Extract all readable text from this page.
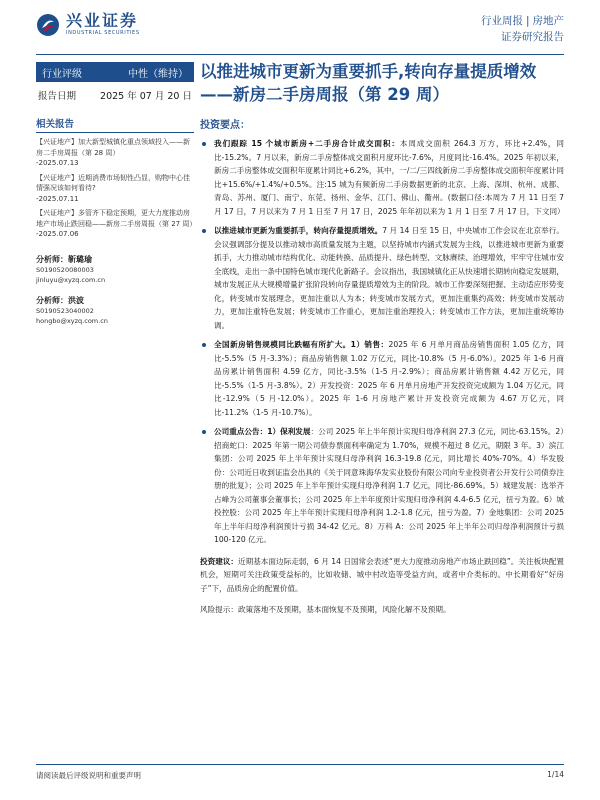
兴业证券
INDUSTRIAL SECURITIES
行业周报 | 房地产
证券研究报告
行业评级	中性（维持）
报告日期	2025 年 07 月 20 日
相关报告
【兴证地产】加大新型城镇化重点领域投入——新房二手房周报（第 28 周）
-2025.07.13
【兴证地产】近期消费市场韧性凸显，购物中心佳情强况该如何看待?
-2025.07.11
【兴证地产】多管齐下稳定预期，更大力度推动房地产市场止跌回稳——新房二手房周报（第 27 周）
-2025.07.06
分析师：靳璐瑜
S0190520080003
jinluyu@xyzq.com.cn
分析师：洪波
S0190523040002
hongbo@xyzq.com.cn
以推进城市更新为重要抓手,转向存量提质增效——新房二手房周报（第 29 周）
投资要点：
我们跟踪 15 个城市新房+二手房合计成交面积：本周成交面积 264.3 万方，环比+2.4%，同比-15.2%。7 月以来，新房二手房整体成交面积月度环比-7.6%，月度同比-16.4%。2025 年初以来，新房二手房整体成交面积年度累计同比+6.2%，其中，一/二/三四线新房二手房整体成交面积年度累计同比+15.6%/+1.4%/+0.5%。注:15 城为有频新房二手房数据更新的北京、上海、深圳、杭州、成都、青岛、苏州、厦门、南宁、东莞、扬州、金华、江门、佛山、衢州。(数据口径:本周为 7 月 11 日至 7 月 17 日，7 月以来为 7 月 1 日至 7 月 17 日，2025 年年初以来为 1 月 1 日至 7 月 17 日，下文同）
以推进城市更新为重要抓手，转向存量提质增效。7 月 14 日至 15 日，中央城市工作会议在北京举行。会议强调部分提及以推动城市高质量发展为主题，以坚持城市内涵式发展为主线，以推进城市更新为重要抓手，大力推动城市结构优化、动能转换、品质提升、绿色转型、文脉赓续、治理增效，牢牢守住城市安全底线，走出一条中国特色城市现代化新路子。会议指出，我国城镇化正从快速增长期转向稳定发展期，城市发展正从大规模增量扩张阶段转向存量提质增效为主的阶段。城市工作要深刻把握、主动适应形势变化，转变城市发展理念，更加注重以人为本；转变城市发展方式，更加注重集约高效；转变城市发展动力，更加注重特色发展；转变城市工作重心，更加注重治理投入；转变城市工作方法，更加注重统筹协调。
全国新房销售规模同比跌幅有所扩大。1）销售：2025 年 6 月单月商品房销售面积 1.05 亿方，同比-5.5%（5 月-3.3%）；商品房销售额 1.02 万亿元，同比-10.8%（5 月-6.0%）。2025 年 1-6 月商品房累计销售面积 4.59 亿方，同比-3.5%（1-5 月-2.9%）；商品房累计销售额 4.42 万亿元，同比-5.5%（1-5 月-3.8%）。2）开发投资：2025 年 6 月单月房地产开发投资完成额为 1.04 万亿元，同比-12.9%（5 月-12.0%）。2025 年 1-6 月房地产累计开发投资完成额为 4.67 万亿元，同比-11.2%（1-5 月-10.7%）。
公司重点公告：1）保利发展：公司 2025 年上半年预计实现归母净利润 27.3 亿元，同比-63.15%。2）招商蛇口：2025 年第一期公司债券票面利率确定为 1.70%，规模不超过 8 亿元，期限 3 年。3）滨江集团：公司 2025 年上半年预计实现归母净利润 16.3-19.8 亿元，同比增长 40%-70%。4）华发股份：公司近日收到证监会出具的《关于同意珠海华发实业股份有限公司向专业投资者公开发行公司债券注册的批复》；公司 2025 年上半年预计实现归母净利润 1.7 亿元，同比-86.69%。5）城建发展：选举齐占峰为公司董事会董事长；公司 2025 年上半年度预计实现归母净利润 4.4-6.5 亿元，扭亏为盈。6）城投控股：公司 2025 年上半年预计实现归母净利润 1.2-1.8 亿元，扭亏为盈。7）金地集团：公司 2025 年上半年归母净利润预计亏损 34-42 亿元。8）万科 A：公司 2025 年上半年公司归母净利润预计亏损 100-120 亿元。
投资建议：近期基本面边际走弱，6 月 14 日国常会表述“更大力度推动房地产市场止跌回稳”。关注板块配置机会，短期可关注政策受益标的，比如收储、城中村改造等受益方向，或者中介类标的。中长期看好“好房子”下，品质房企的配置价值。
风险提示：政策落地不及预期，基本面恢复不及预期，风险化解不及预期。
请阅读最后评级说明和重要声明	1/14
